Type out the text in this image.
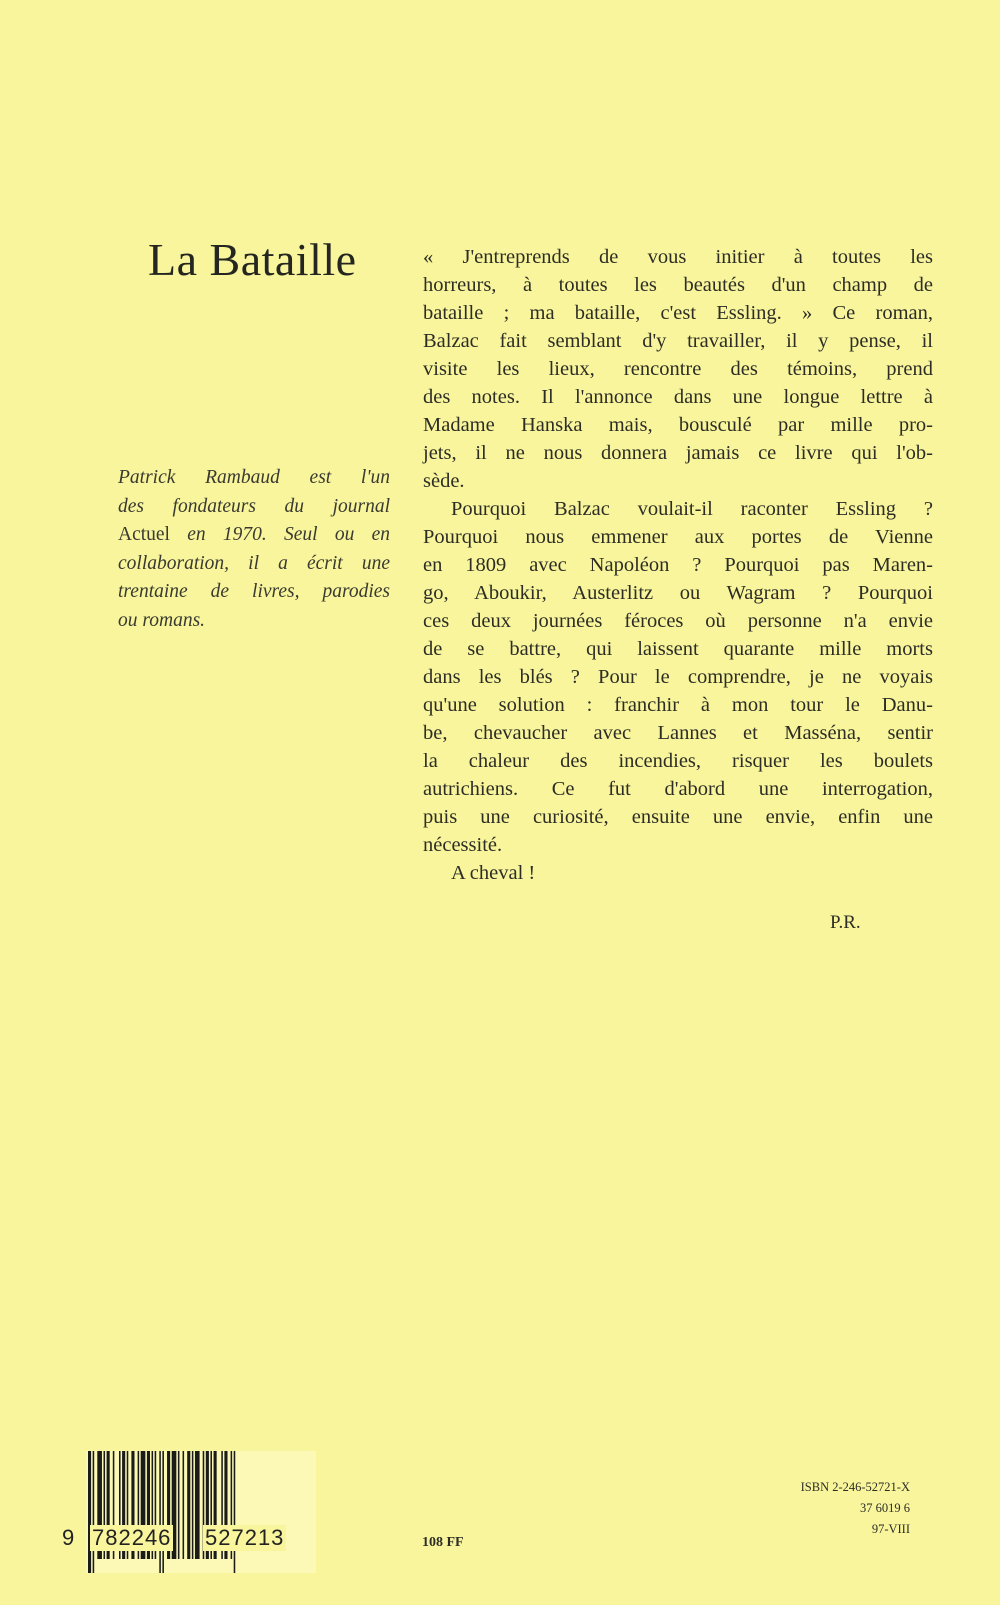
La Bataille
Patrick Rambaud est l'un
des fondateurs du journal
Actuel en 1970. Seul ou en
collaboration, il a écrit une
trentaine de livres, parodies
ou romans.
« J'entreprends de vous initier à toutes les
horreurs, à toutes les beautés d'un champ de
bataille ; ma bataille, c'est Essling. » Ce roman,
Balzac fait semblant d'y travailler, il y pense, il
visite les lieux, rencontre des témoins, prend
des notes. Il l'annonce dans une longue lettre à
Madame Hanska mais, bousculé par mille pro-
jets, il ne nous donnera jamais ce livre qui l'ob-
sède.
Pourquoi Balzac voulait-il raconter Essling ?
Pourquoi nous emmener aux portes de Vienne
en 1809 avec Napoléon ? Pourquoi pas Maren-
go, Aboukir, Austerlitz ou Wagram ? Pourquoi
ces deux journées féroces où personne n'a envie
de se battre, qui laissent quarante mille morts
dans les blés ? Pour le comprendre, je ne voyais
qu'une solution : franchir à mon tour le Danu-
be, chevaucher avec Lannes et Masséna, sentir
la chaleur des incendies, risquer les boulets
autrichiens. Ce fut d'abord une interrogation,
puis une curiosité, ensuite une envie, enfin une
nécessité.
A cheval !
P.R.
9 782246 527213	108 FF
ISBN 2-246-52721-X
37 6019 6
97-VIII
